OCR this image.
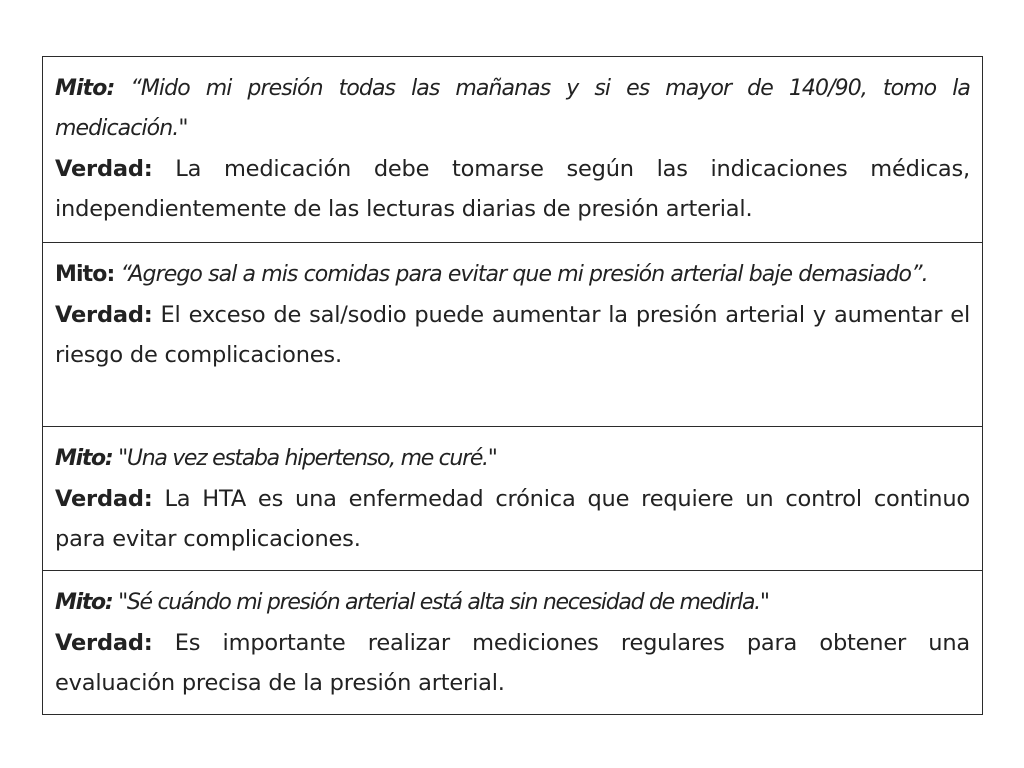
Mito: “Mido mi presión todas las mañanas y si es mayor de 140/90, tomo la medicación."

Verdad: La medicación debe tomarse según las indicaciones médicas, independientemente de las lecturas diarias de presión arterial.

Mito: “Agrego sal a mis comidas para evitar que mi presión arterial baje demasiado”.

Verdad: El exceso de sal/sodio puede aumentar la presión arterial y aumentar el riesgo de complicaciones.

Mito: "Una vez estaba hipertenso, me curé."

Verdad: La HTA es una enfermedad crónica que requiere un control continuo para evitar complicaciones.

Mito: "Sé cuándo mi presión arterial está alta sin necesidad de medirla."

Verdad: Es importante realizar mediciones regulares para obtener una evaluación precisa de la presión arterial.
